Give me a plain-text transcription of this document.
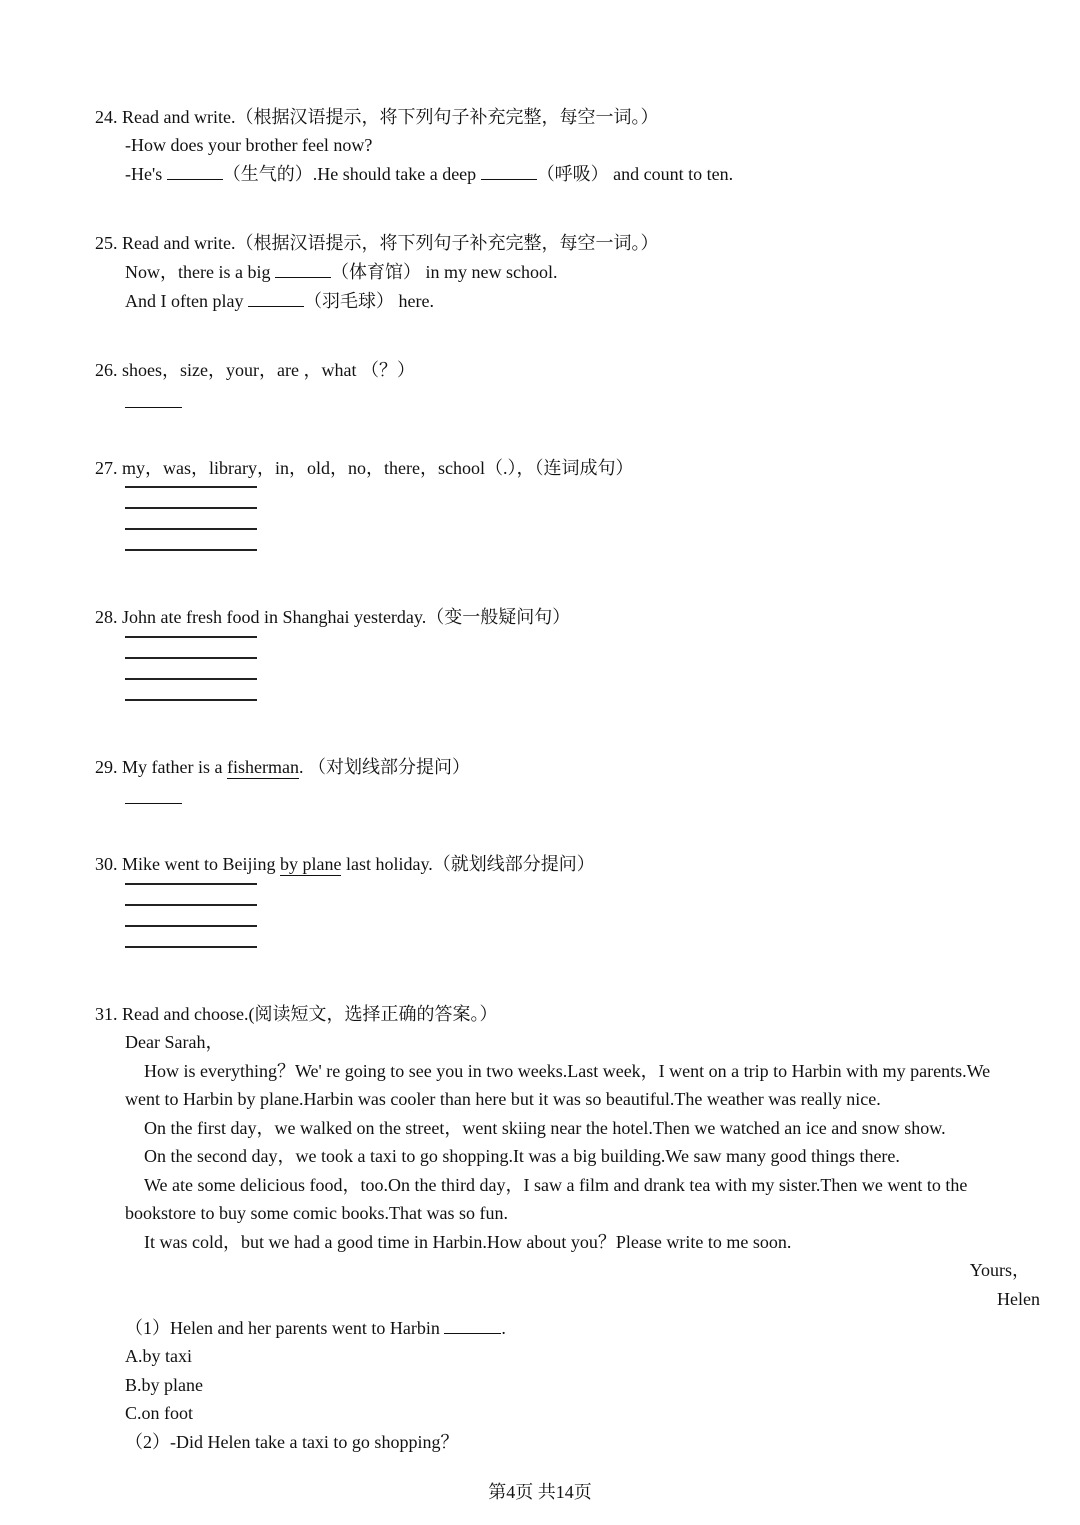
24. Read and write.（根据汉语提示，将下列句子补充完整，每空一词。）
-How does your brother feel now?
-He's	（生气的）.He should take a deep	（呼吸） and count to ten.
25. Read and write.（根据汉语提示，将下列句子补充完整，每空一词。）
Now，there is a big	（体育馆） in my new school.
And I often play	（羽毛球） here.
26. shoes，size，your，are ，what （？）
27. my，was，library，in，old，no，there，school（.），（连词成句）
28. John ate fresh food in Shanghai yesterday.（变一般疑问句）
29. My father is a fisherman. （对划线部分提问）
30. Mike went to Beijing by plane last holiday.（就划线部分提问）
31. Read and choose.(阅读短文，选择正确的答案。）
Dear Sarah，
How is everything？We' re going to see you in two weeks.Last week，I went on a trip to Harbin with my parents.We
went to Harbin by plane.Harbin was cooler than here but it was so beautiful.The weather was really nice.
On the first day，we walked on the street，went skiing near the hotel.Then we watched an ice and snow show.
On the second day，we took a taxi to go shopping.It was a big building.We saw many good things there.
We ate some delicious food，too.On the third day，I saw a film and drank tea with my sister.Then we went to the
bookstore to buy some comic books.That was so fun.
It was cold，but we had a good time in Harbin.How about you？Please write to me soon.
Yours，
Helen
（1）Helen and her parents went to Harbin	.
A.by taxi
B.by plane
C.on foot
（2）-Did Helen take a taxi to go shopping？
第4页 共14页
